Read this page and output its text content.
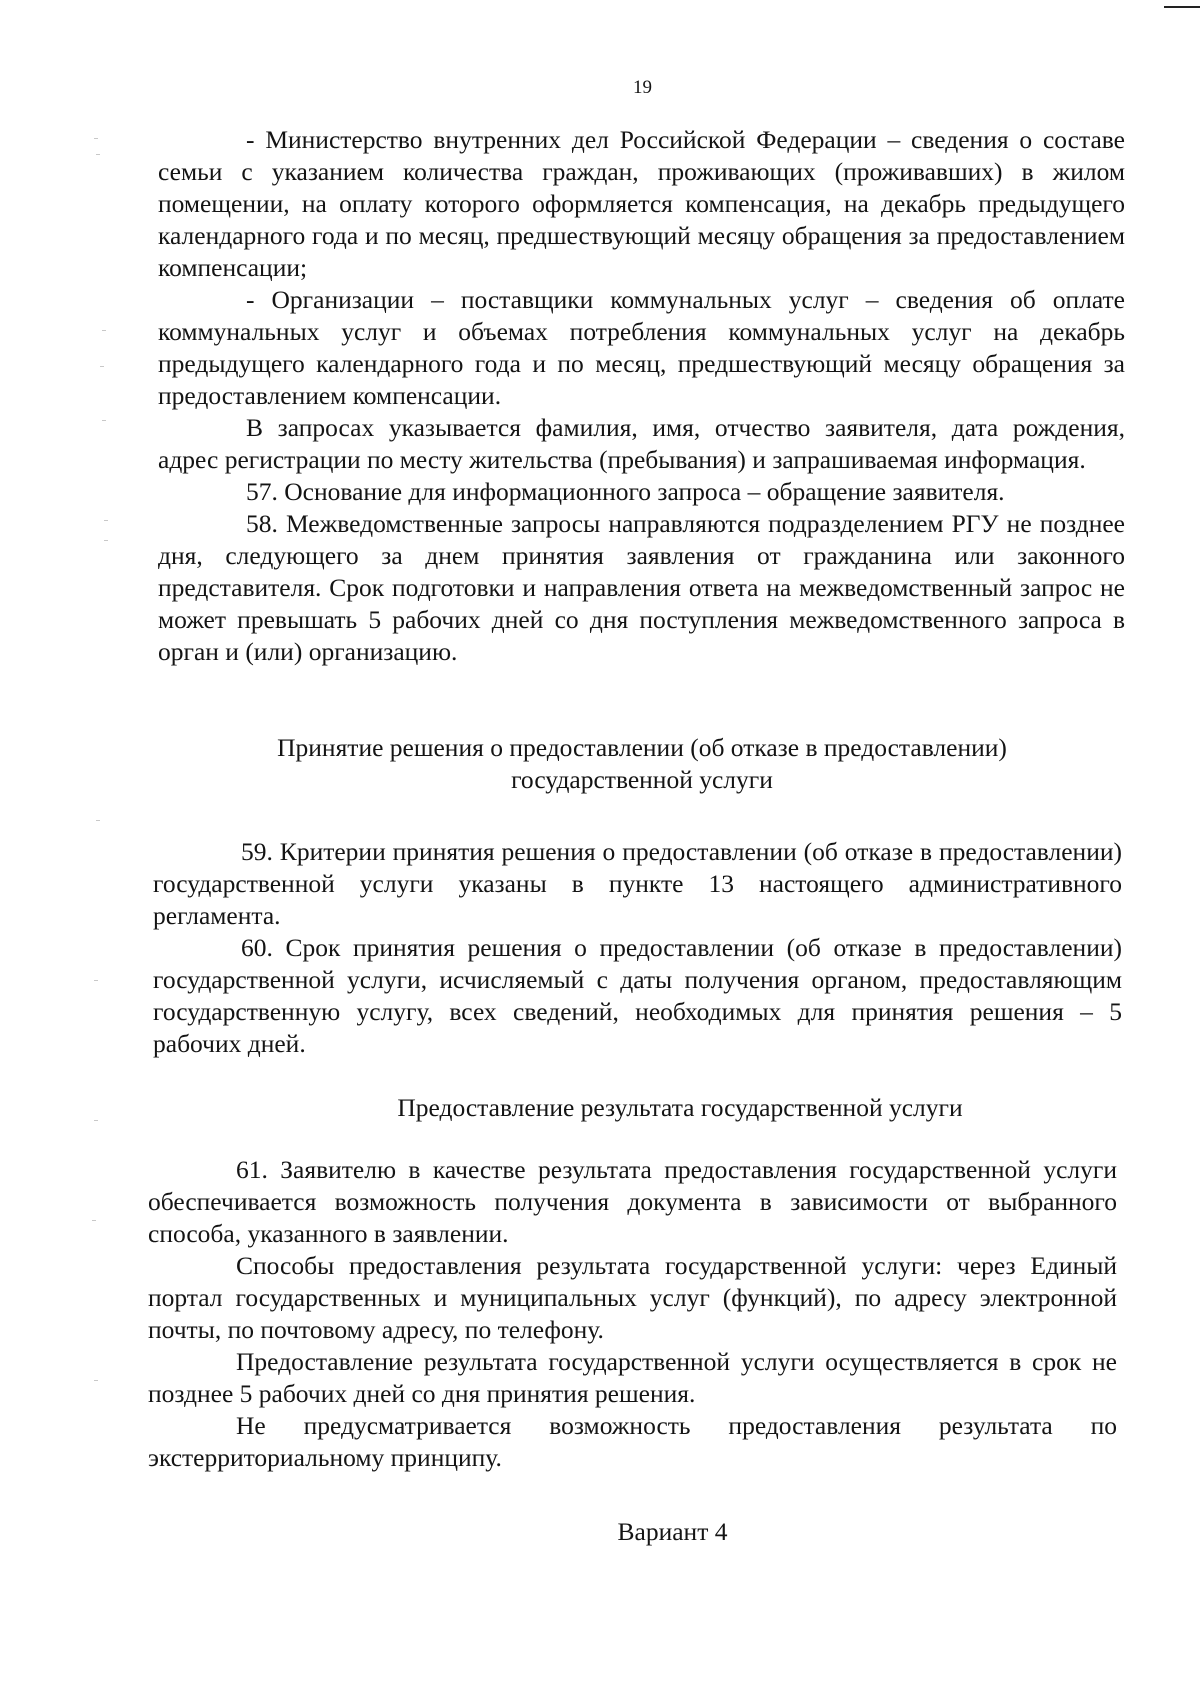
19

- Министерство внутренних дел Российской Федерации – сведения о составе семьи с указанием количества граждан, проживающих (проживавших) в жилом помещении, на оплату которого оформляется компенсация, на декабрь предыдущего календарного года и по месяц, предшествующий месяцу обращения за предоставлением компенсации;

- Организации – поставщики коммунальных услуг – сведения об оплате коммунальных услуг и объемах потребления коммунальных услуг на декабрь предыдущего календарного года и по месяц, предшествующий месяцу обращения за предоставлением компенсации.

В запросах указывается фамилия, имя, отчество заявителя, дата рождения, адрес регистрации по месту жительства (пребывания) и запрашиваемая информация.

57. Основание для информационного запроса – обращение заявителя.

58. Межведомственные запросы направляются подразделением РГУ не позднее дня, следующего за днем принятия заявления от гражданина или законного представителя. Срок подготовки и направления ответа на межведомственный запрос не может превышать 5 рабочих дней со дня поступления межведомственного запроса в орган и (или) организацию.

Принятие решения о предоставлении (об отказе в предоставлении)
государственной услуги

59. Критерии принятия решения о предоставлении (об отказе в предоставлении) государственной услуги указаны в пункте 13 настоящего административного регламента.

60. Срок принятия решения о предоставлении (об отказе в предоставлении) государственной услуги, исчисляемый с даты получения органом, предоставляющим государственную услугу, всех сведений, необходимых для принятия решения – 5 рабочих дней.

Предоставление результата государственной услуги

61. Заявителю в качестве результата предоставления государственной услуги обеспечивается возможность получения документа в зависимости от выбранного способа, указанного в заявлении.

Способы предоставления результата государственной услуги: через Единый портал государственных и муниципальных услуг (функций), по адресу электронной почты, по почтовому адресу, по телефону.

Предоставление результата государственной услуги осуществляется в срок не позднее 5 рабочих дней со дня принятия решения.

Не предусматривается возможность предоставления результата по экстерриториальному принципу.

Вариант 4
